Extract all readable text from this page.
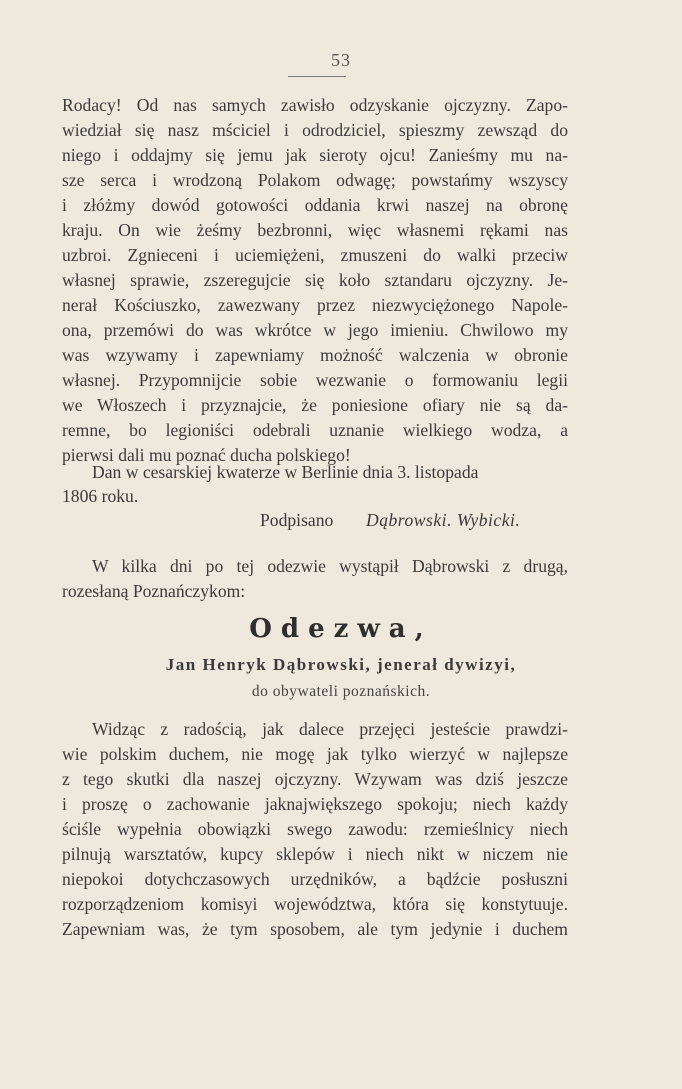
53
Rodacy! Od nas samych zawisło odzyskanie ojczyzny. Zapo-
wiedział się nasz mściciel i odrodziciel, spieszmy zewsząd do
niego i oddajmy się jemu jak sieroty ojcu! Zanieśmy mu na-
sze serca i wrodzoną Polakom odwagę; powstańmy wszyscy
i złóżmy dowód gotowości oddania krwi naszej na obronę
kraju. On wie żeśmy bezbronni, więc własnemi rękami nas
uzbroi. Zgnieceni i uciemiężeni, zmuszeni do walki przeciw
własnej sprawie, zszeregujcie się koło sztandaru ojczyzny. Je-
nerał Kościuszko, zawezwany przez niezwyciężonego Napole-
ona, przemówi do was wkrótce w jego imieniu. Chwilowo my
was wzywamy i zapewniamy możność walczenia w obronie
własnej. Przypomnijcie sobie wezwanie o formowaniu legii
we Włoszech i przyznajcie, że poniesione ofiary nie są da-
remne, bo legioniści odebrali uznanie wielkiego wodza, a
pierwsi dali mu poznać ducha polskiego!
Dan w cesarskiej kwaterze w Berlinie dnia 3. listopada
1806 roku.
Podpisano Dąbrowski. Wybicki.
W kilka dni po tej odezwie wystąpił Dąbrowski z drugą,
rozesłaną Poznańczykom:
Odezwa,
Jan Henryk Dąbrowski, jenerał dywizyi,
do obywateli poznańskich.
Widząc z radością, jak dalece przejęci jesteście prawdzi-
wie polskim duchem, nie mogę jak tylko wierzyć w najlepsze
z tego skutki dla naszej ojczyzny. Wzywam was dziś jeszcze
i proszę o zachowanie jaknajwiększego spokoju; niech każdy
ściśle wypełnia obowiązki swego zawodu: rzemieślnicy niech
pilnują warsztatów, kupcy sklepów i niech nikt w niczem nie
niepokoi dotychczasowych urzędników, a bądźcie posłuszni
rozporządzeniom komisyi województwa, która się konstytuuje.
Zapewniam was, że tym sposobem, ale tym jedynie i duchem
